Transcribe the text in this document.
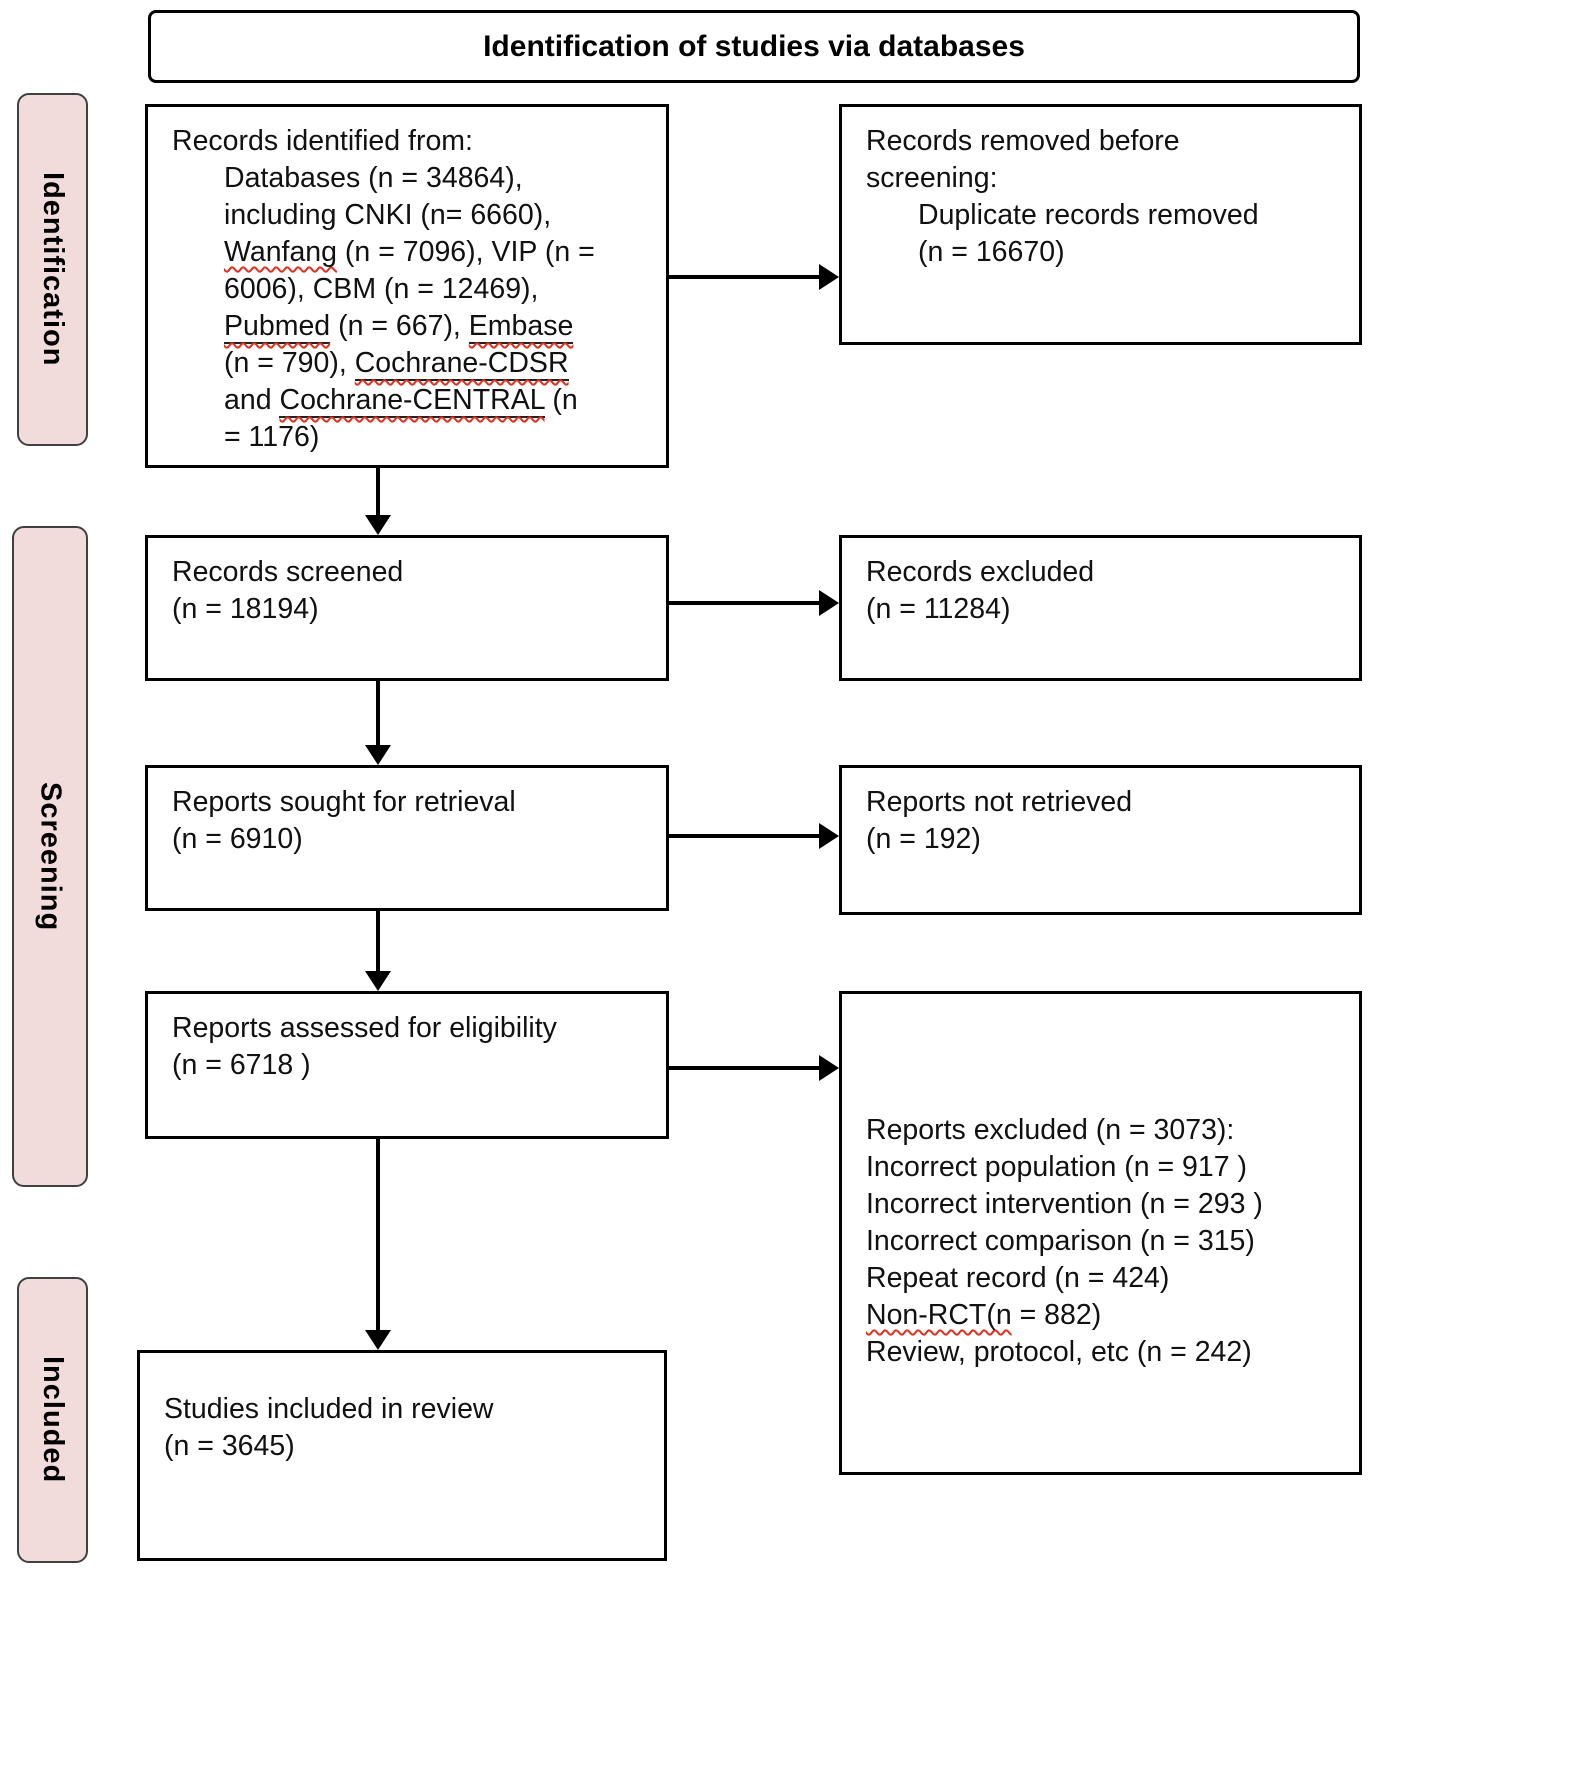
Identification of studies via databases
Identification
Screening
Included
Records identified from:
Databases (n = 34864),
including CNKI (n= 6660),
Wanfang (n = 7096), VIP (n =
6006), CBM (n = 12469),
Pubmed (n = 667), Embase
(n = 790), Cochrane-CDSR
and Cochrane-CENTRAL (n
= 1176)
Records removed before
screening:
Duplicate records removed
(n = 16670)
Records screened
(n = 18194)
Records excluded
(n = 11284)
Reports sought for retrieval
(n = 6910)
Reports not retrieved
(n = 192)
Reports assessed for eligibility
(n = 6718 )
Reports excluded (n = 3073):
Incorrect population (n = 917 )
Incorrect intervention (n = 293 )
Incorrect comparison (n = 315)
Repeat record (n = 424)
Non-RCT(n = 882)
Review, protocol, etc (n = 242)
Studies included in review
(n = 3645)
